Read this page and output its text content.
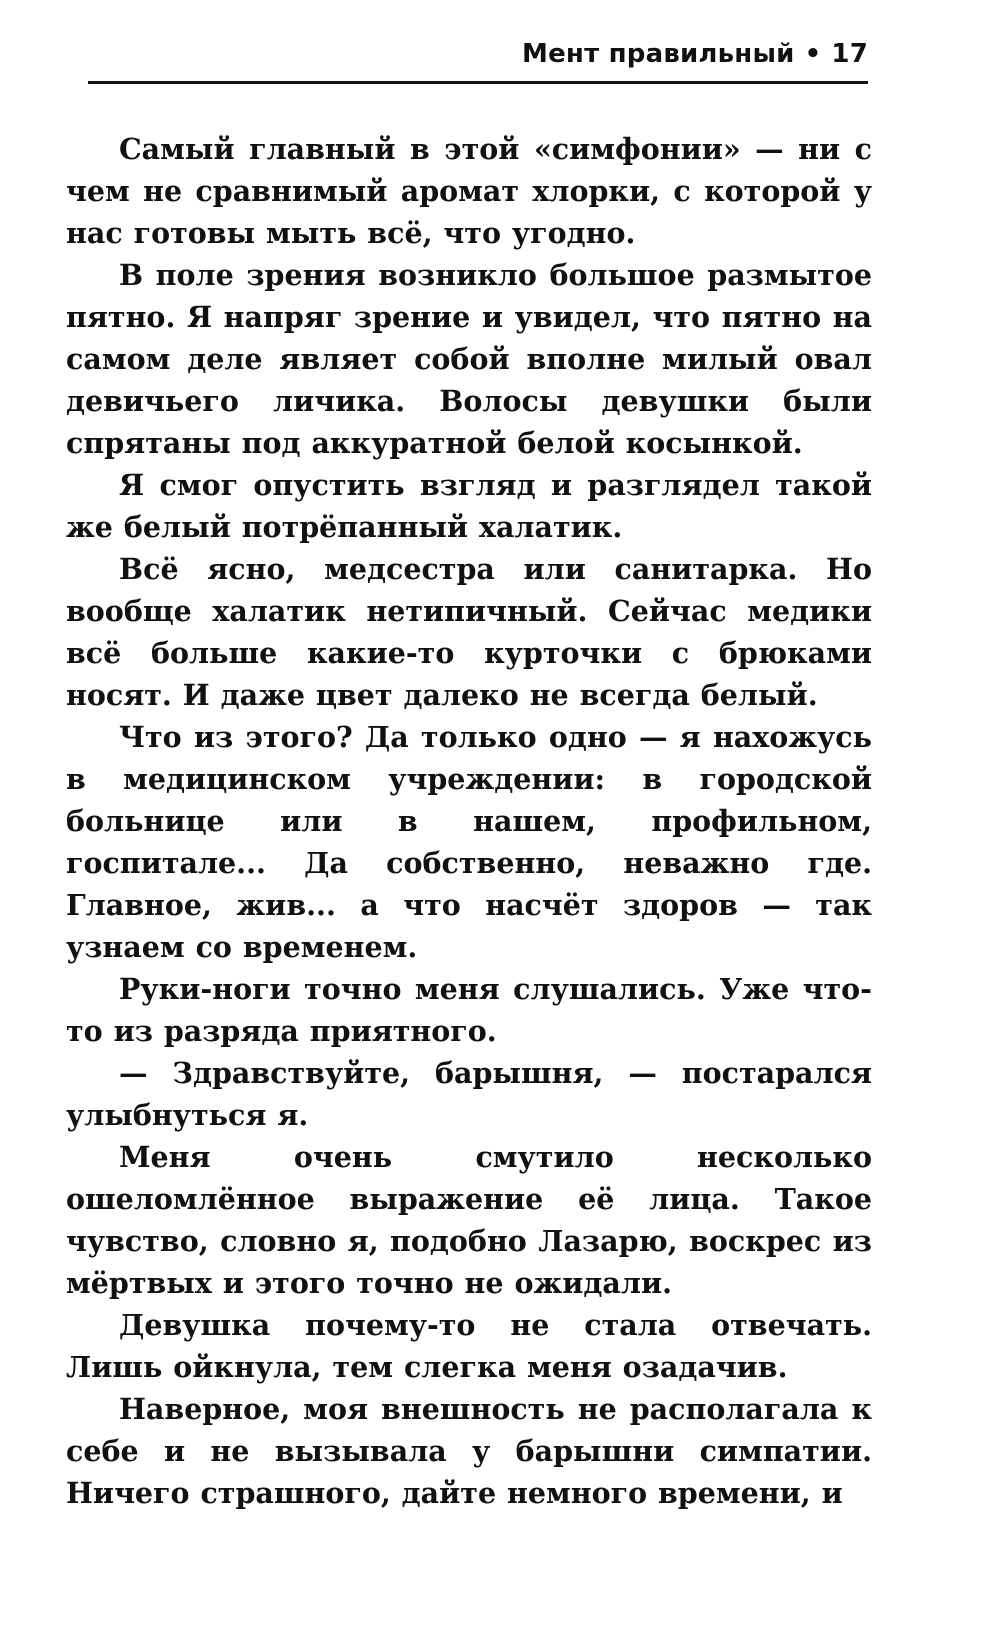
Мент правильный • 17

Самый главный в этой «симфонии» — ни с чем не сравнимый аромат хлорки, с которой у нас готовы мыть всё, что угодно.

В поле зрения возникло большое размытое пятно. Я напряг зрение и увидел, что пятно на самом деле являет собой вполне милый овал девичьего личика. Волосы девушки были спрятаны под аккуратной белой косынкой.

Я смог опустить взгляд и разглядел такой же белый потрёпанный халатик.

Всё ясно, медсестра или санитарка. Но вообще халатик нетипичный. Сейчас медики всё больше какие-то курточки с брюками носят. И даже цвет далеко не всегда белый.

Что из этого? Да только одно — я нахожусь в медицинском учреждении: в городской больнице или в нашем, профильном, госпитале... Да собственно, неважно где. Главное, жив... а что насчёт здоров — так узнаем со временем.

Руки-ноги точно меня слушались. Уже что-то из разряда приятного.

— Здравствуйте, барышня, — постарался улыбнуться я.

Меня очень смутило несколько ошеломлённое выражение её лица. Такое чувство, словно я, подобно Лазарю, воскрес из мёртвых и этого точно не ожидали.

Девушка почему-то не стала отвечать. Лишь ойкнула, тем слегка меня озадачив.

Наверное, моя внешность не располагала к себе и не вызывала у барышни симпатии. Ничего страшного, дайте немного времени, и
